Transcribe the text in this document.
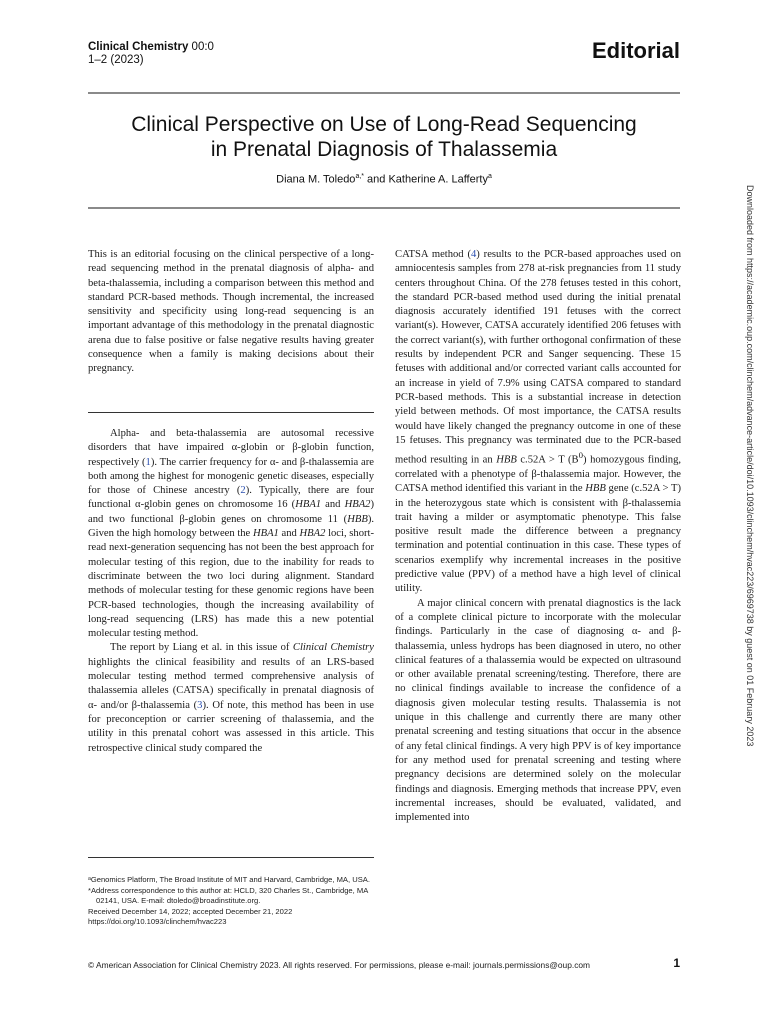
Clinical Chemistry 00:0
1–2 (2023)	Editorial
Clinical Perspective on Use of Long-Read Sequencing
in Prenatal Diagnosis of Thalassemia
Diana M. Toledo$^{a,*}$ and Katherine A. Lafferty$^a$

This is an editorial focusing on the clinical perspective of a long-read sequencing method in the prenatal diagnosis of alpha- and beta-thalassemia, including a comparison between this method and standard PCR-based methods. Though incremental, the increased sensitivity and specificity using long-read sequencing is an important advantage of this methodology in the prenatal diagnostic arena due to false positive or false negative results having greater consequence when a family is making decisions about their pregnancy.

Alpha- and beta-thalassemia are autosomal recessive disorders that have impaired α-globin or β-globin function, respectively (1). The carrier frequency for α- and β-thalassemia are both among the highest for monogenic genetic diseases, especially for those of Chinese ancestry (2). Typically, there are four functional α-globin genes on chromosome 16 (HBA1 and HBA2) and two functional β-globin genes on chromosome 11 (HBB). Given the high homology between the HBA1 and HBA2 loci, short-read next-generation sequencing has not been the best approach for molecular testing of this region, due to the inability for reads to discriminate between the two loci during alignment. Standard methods of molecular testing for these genomic regions have been PCR-based technologies, though the increasing availability of long-read sequencing (LRS) has made this a new potential molecular testing method.

The report by Liang et al. in this issue of Clinical Chemistry highlights the clinical feasibility and results of an LRS-based molecular testing method termed comprehensive analysis of thalassemia alleles (CATSA) specifically in prenatal diagnosis of α- and/or β-thalassemia (3). Of note, this method has been in use for preconception or carrier screening of thalassemia, and the utility in this prenatal cohort was assessed in this article. This retrospective clinical study compared the

CATSA method (4) results to the PCR-based approaches used on amniocentesis samples from 278 at-risk pregnancies from 11 study centers throughout China. Of the 278 fetuses tested in this cohort, the standard PCR-based method used during the initial prenatal diagnosis accurately identified 191 fetuses with the correct variant(s). However, CATSA accurately identified 206 fetuses with the correct variant(s), with further orthogonal confirmation of these results by independent PCR and Sanger sequencing. These 15 fetuses with additional and/or corrected variant calls accounted for an increase in yield of 7.9% using CATSA compared to standard PCR-based methods. This is a substantial increase in detection yield between methods. Of most importance, the CATSA results would have likely changed the pregnancy outcome in one of these 15 fetuses. This pregnancy was terminated due to the PCR-based method resulting in an HBB c.52A > T $(B^0)$ homozygous finding, correlated with a phenotype of β-thalassemia major. However, the CATSA method identified this variant in the HBB gene (c.52A > T) in the heterozygous state which is consistent with β-thalassemia trait having a milder or asymptomatic phenotype. This false positive result made the difference between a pregnancy termination and potential continuation in this case. These types of scenarios exemplify why incremental increases in the positive predictive value (PPV) of a method have a high level of clinical utility.

A major clinical concern with prenatal diagnostics is the lack of a complete clinical picture to incorporate with the molecular findings. Particularly in the case of diagnosing α- and β-thalassemia, unless hydrops has been diagnosed in utero, no other clinical features of a thalassemia would be expected on ultrasound or other available prenatal screening/testing. Therefore, there are no clinical findings available to increase the confidence of a diagnosis given molecular testing results. Thalassemia is not unique in this challenge and currently there are many other prenatal screening and testing situations that occur in the absence of any fetal clinical findings. A very high PPV is of key importance for any method used for prenatal screening and testing where pregnancy decisions are determined solely on the molecular findings and diagnosis. Emerging methods that increase PPV, even incremental increases, should be evaluated, validated, and implemented into

ᵃGenomics Platform, The Broad Institute of MIT and Harvard, Cambridge, MA, USA.

*Address correspondence to this author at: HCLD, 320 Charles St., Cambridge, MA 02141, USA. E-mail: dtoledo@broadinstitute.org.

Received December 14, 2022; accepted December 21, 2022

https://doi.org/10.1093/clinchem/hvac223

© American Association for Clinical Chemistry 2023. All rights reserved. For permissions, please e-mail: journals.permissions@oup.com	1
Downloaded from https://academic.oup.com/clinchem/advance-article/doi/10.1093/clinchem/hvac223/6969738 by guest on 01 February 2023
